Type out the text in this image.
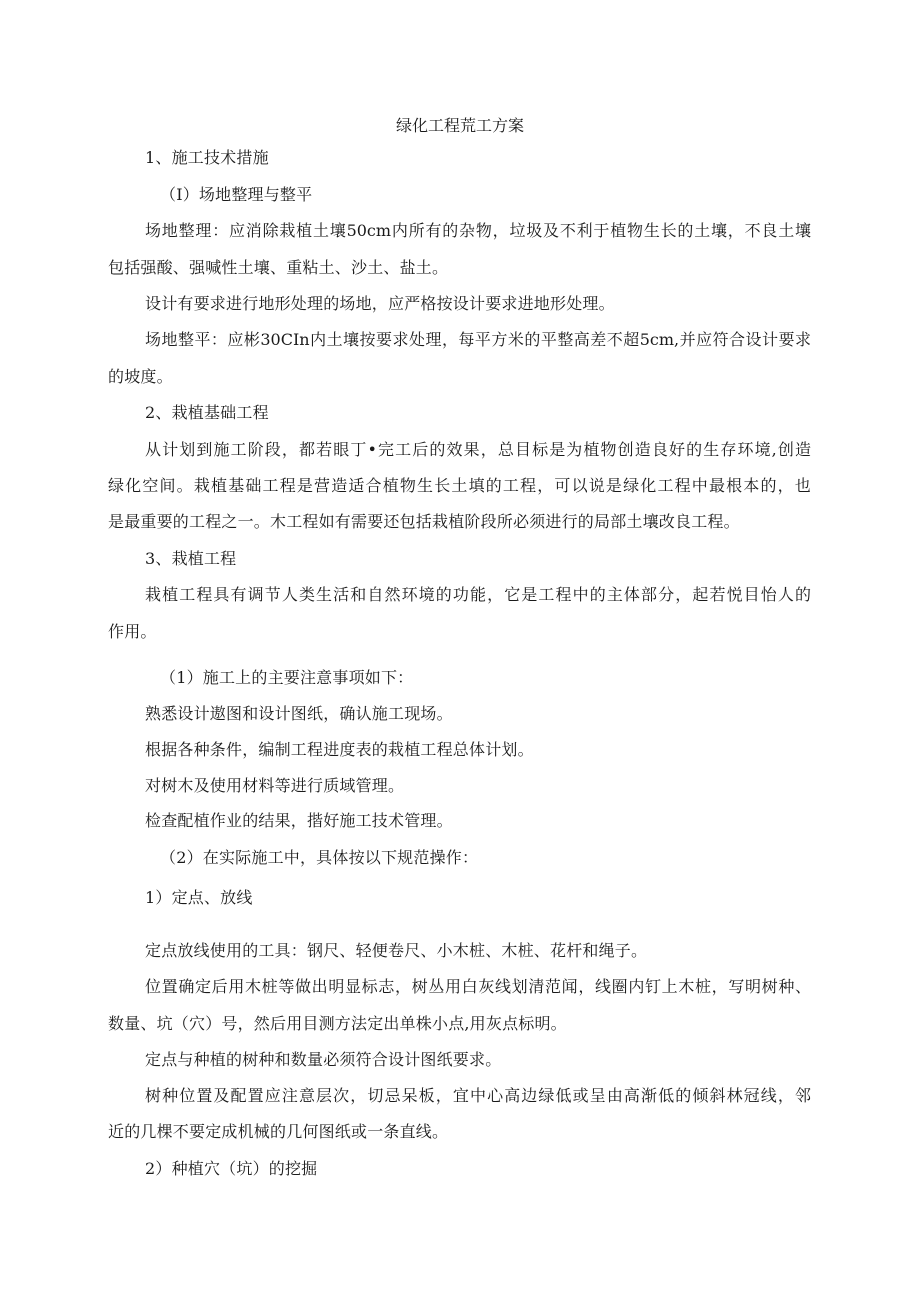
绿化工程荒工方案
1、施工技术措施
（I）场地整理与整平
场地整理：应消除栽植土壤50cm内所有的杂物，垃圾及不利于植物生长的土壤，不良土壤
包括强酸、强喊性土壤、重粘土、沙土、盐土。
设计有要求进行地形处理的场地，应严格按设计要求进地形处理。
场地整平：应彬30CIn内土壤按要求处理，每平方米的平整高差不超5cm,并应符合设计要求
的坡度。
2、栽植基础工程
从计划到施工阶段，都若眼丁•完工后的效果，总目标是为植物创造良好的生存环境,创造
绿化空间。栽植基础工程是营造适合植物生长土填的工程，可以说是绿化工程中最根本的，也
是最重要的工程之一。木工程如有需要还包括栽植阶段所必须进行的局部土壤改良工程。
3、栽植工程
栽植工程具有调节人类生活和自然环境的功能，它是工程中的主体部分，起若悦目怡人的
作用。
（1）施工上的主要注意事项如下：
熟悉设计遨图和设计图纸，确认施工现场。
根据各种条件，编制工程进度表的栽植工程总体计划。
对树木及使用材料等进行质域管理。
检查配植作业的结果，揩好施工技术管理。
（2）在实际施工中，具体按以下规范操作：
1）定点、放线
定点放线使用的工具：钢尺、轻便卷尺、小木桩、木桩、花杆和绳子。
位置确定后用木桩等做出明显标志，树丛用白灰线划清范闻，线圈内钉上木桩，写明树种、
数量、坑（穴）号，然后用目测方法定出单株小点,用灰点标明。
定点与种植的树种和数量必须符合设计图纸要求。
树种位置及配置应注意层次，切忌呆板，宜中心高边绿低或呈由高渐低的倾斜林冠线，邻
近的几棵不要定成机械的几何图纸或一条直线。
2）种植穴（坑）的挖掘
